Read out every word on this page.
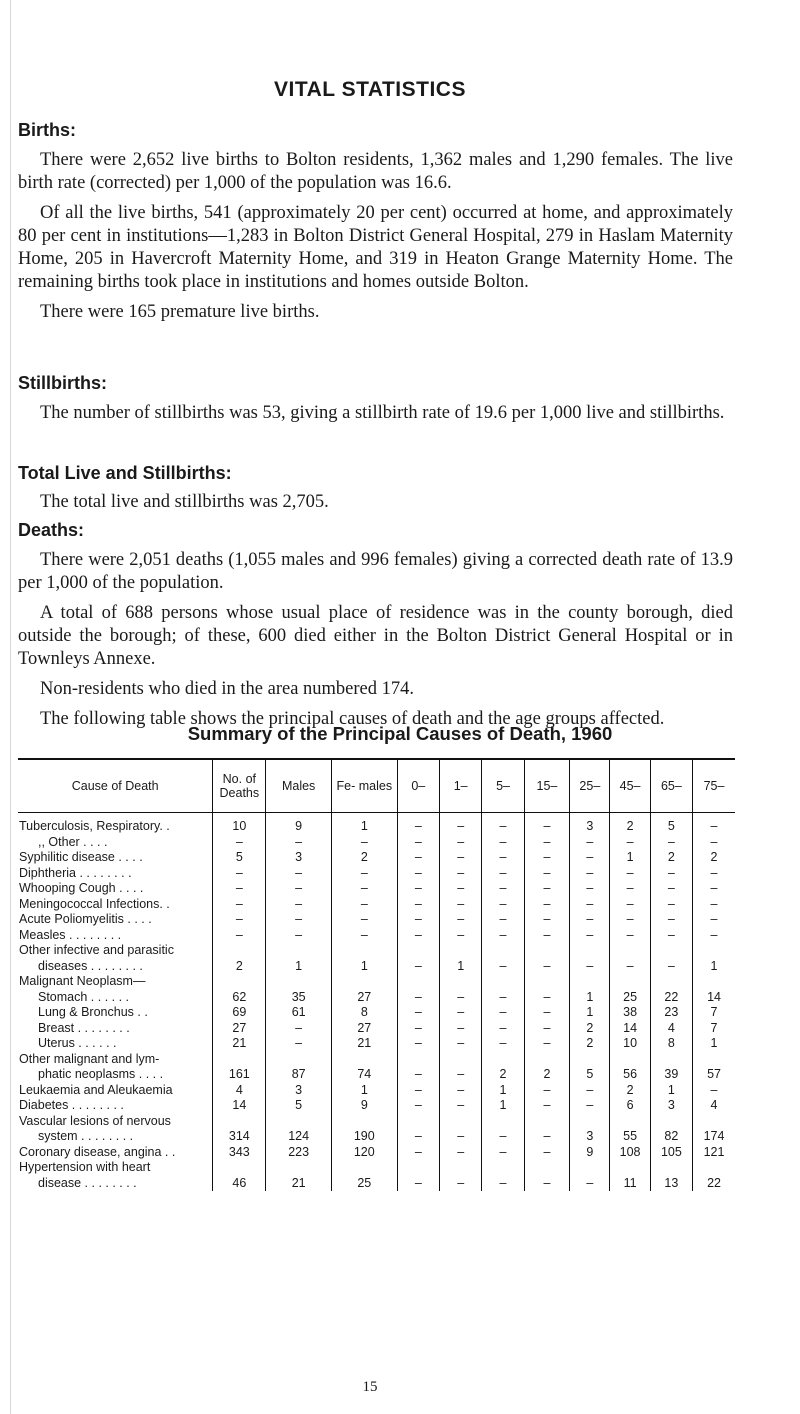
VITAL STATISTICS
Births:

There were 2,652 live births to Bolton residents, 1,362 males and 1,290 females. The live birth rate (corrected) per 1,000 of the population was 16.6.

Of all the live births, 541 (approximately 20 per cent) occurred at home, and approximately 80 per cent in institutions—1,283 in Bolton District General Hospital, 279 in Haslam Maternity Home, 205 in Havercroft Maternity Home, and 319 in Heaton Grange Maternity Home. The remaining births took place in institutions and homes outside Bolton.

There were 165 premature live births.

Stillbirths:

The number of stillbirths was 53, giving a stillbirth rate of 19.6 per 1,000 live and stillbirths.

Total Live and Stillbirths:

The total live and stillbirths was 2,705.

Deaths:

There were 2,051 deaths (1,055 males and 996 females) giving a corrected death rate of 13.9 per 1,000 of the population.

A total of 688 persons whose usual place of residence was in the county borough, died outside the borough; of these, 600 died either in the Bolton District General Hospital or in Townleys Annexe.

Non-residents who died in the area numbered 174.

The following table shows the principal causes of death and the age groups affected.

Summary of the Principal Causes of Death, 1960
Cause of Death	No. of Deaths	Males	Fe- males	0–	1–	5–	15–	25–	45–	65–	75–
Tuberculosis, Respiratory. .	10	9	1	–	–	–	–	3	2	5	–
,, Other . . . .	–	–	–	–	–	–	–	–	–	–	–
Syphilitic disease . . . .	5	3	2	–	–	–	–	–	1	2	2
Diphtheria . . . . . . . .	–	–	–	–	–	–	–	–	–	–	–
Whooping Cough . . . .	–	–	–	–	–	–	–	–	–	–	–
Meningococcal Infections. .	–	–	–	–	–	–	–	–	–	–	–
Acute Poliomyelitis . . . .	–	–	–	–	–	–	–	–	–	–	–
Measles . . . . . . . .	–	–	–	–	–	–	–	–	–	–	–
Other infective and parasitic											
diseases . . . . . . . .	2	1	1	–	1	–	–	–	–	–	1
Malignant Neoplasm—											
Stomach . . . . . .	62	35	27	–	–	–	–	1	25	22	14
Lung & Bronchus . .	69	61	8	–	–	–	–	1	38	23	7
Breast . . . . . . . .	27	–	27	–	–	–	–	2	14	4	7
Uterus . . . . . .	21	–	21	–	–	–	–	2	10	8	1
Other malignant and lym-											
phatic neoplasms . . . .	161	87	74	–	–	2	2	5	56	39	57
Leukaemia and Aleukaemia	4	3	1	–	–	1	–	–	2	1	–
Diabetes . . . . . . . .	14	5	9	–	–	1	–	–	6	3	4
Vascular lesions of nervous											
system . . . . . . . .	314	124	190	–	–	–	–	3	55	82	174
Coronary disease, angina . .	343	223	120	–	–	–	–	9	108	105	121
Hypertension with heart											
disease . . . . . . . .	46	21	25	–	–	–	–	–	11	13	22
15
